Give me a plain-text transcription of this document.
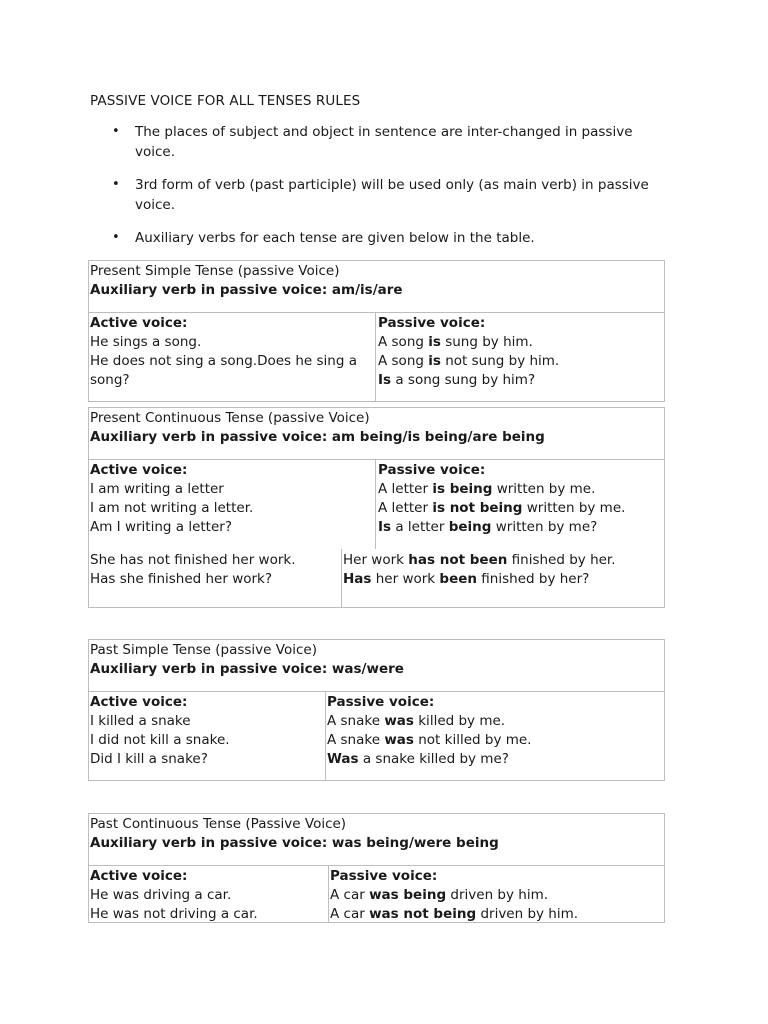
PASSIVE VOICE FOR ALL TENSES RULES
• The places of subject and object in sentence are inter-changed in passive voice.
• 3rd form of verb (past participle) will be used only (as main verb) in passive voice.
• Auxiliary verbs for each tense are given below in the table.
Present Simple Tense (passive Voice)
Auxiliary verb in passive voice: am/is/are
Active voice:
He sings a song.
He does not sing a song.Does he sing a song?
Passive voice:
A song is sung by him.
A song is not sung by him.
Is a song sung by him?
She has not finished her work.
Has she finished her work?
Her work has not been finished by her.
Has her work been finished by her?
Present Continuous Tense (passive Voice)
Auxiliary verb in passive voice: am being/is being/are being
Active voice:
I am writing a letter
I am not writing a letter.
Am I writing a letter?
Passive voice:
A letter is being written by me.
A letter is not being written by me.
Is a letter being written by me?
Past Simple Tense (passive Voice)
Auxiliary verb in passive voice: was/were
Active voice:
I killed a snake
I did not kill a snake.
Did I kill a snake?
Passive voice:
A snake was killed by me.
A snake was not killed by me.
Was a snake killed by me?
Past Continuous Tense (Passive Voice)
Auxiliary verb in passive voice: was being/were being
Active voice:
He was driving a car.
He was not driving a car.
Passive voice:
A car was being driven by him.
A car was not being driven by him.
